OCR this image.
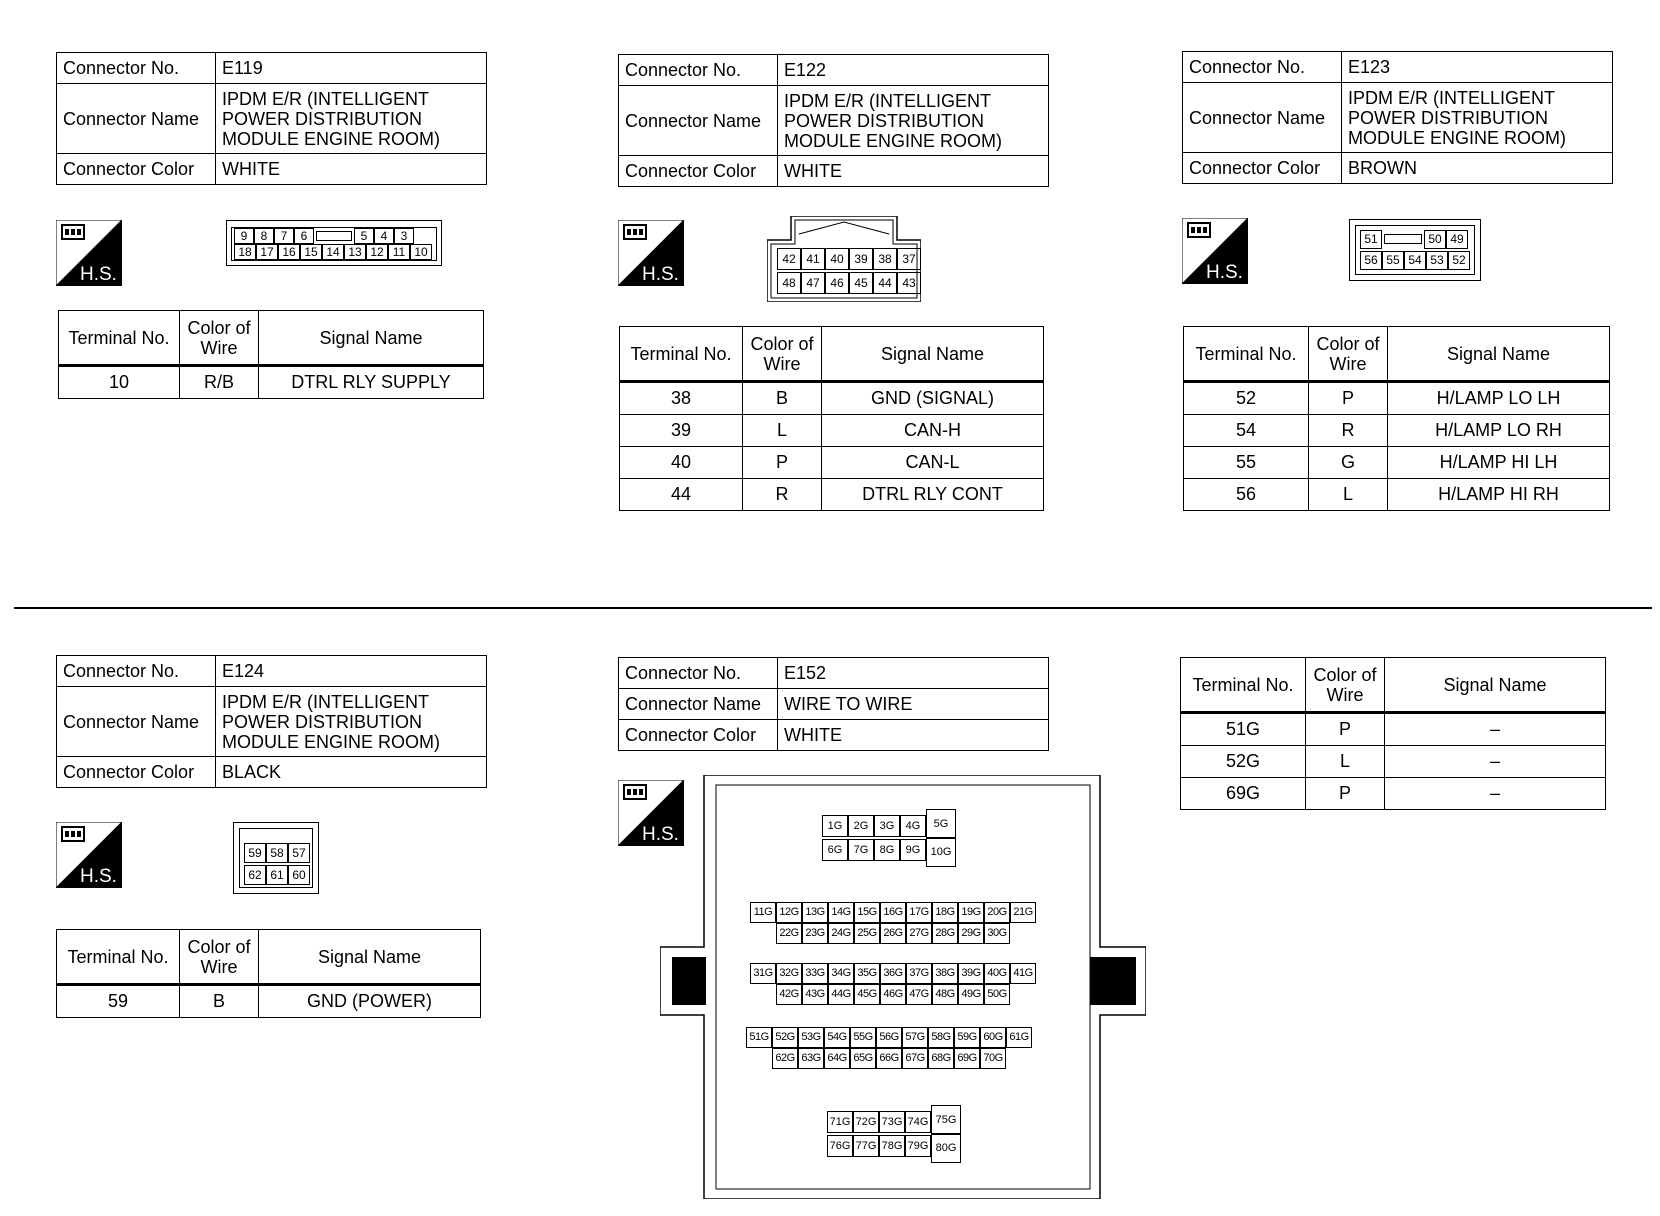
Connector No.	E119
Connector Name	IPDM E/R (INTELLIGENT POWER DISTRIBUTION MODULE ENGINE ROOM)
Connector Color	WHITE
H.S.
9	8	7	6	5	4	3
18 17 16 15 14 13 12 11 10
Terminal No.	Color of Wire	Signal Name
10	R/B	DTRL RLY SUPPLY
Connector No.	E122
Connector Name	IPDM E/R (INTELLIGENT POWER DISTRIBUTION MODULE ENGINE ROOM)
Connector Color	WHITE
H.S.
42 41 40 39 38 37
48 47 46 45 44 43
Terminal No.	Color of Wire	Signal Name
38	B	GND (SIGNAL)
39	L	CAN-H
40	P	CAN-L
44	R	DTRL RLY CONT
Connector No.	E123
Connector Name	IPDM E/R (INTELLIGENT POWER DISTRIBUTION MODULE ENGINE ROOM)
Connector Color	BROWN
H.S.
51	50 49
56 55 54 53 52
Terminal No.	Color of Wire	Signal Name
52	P	H/LAMP LO LH
54	R	H/LAMP LO RH
55	G	H/LAMP HI LH
56	L	H/LAMP HI RH
Connector No.	E124
Connector Name	IPDM E/R (INTELLIGENT POWER DISTRIBUTION MODULE ENGINE ROOM)
Connector Color	BLACK
H.S.
59 58 57
62 61 60
Terminal No.	Color of Wire	Signal Name
59	B	GND (POWER)
Connector No.	E152
Connector Name	WIRE TO WIRE
Connector Color	WHITE
H.S.	1G	2G	3G	4G	5G
6G	7G	8G	9G 10G
11G 12G 13G 14G 15G 16G 17G 18G 19G 20G 21G
22G 23G 24G 25G 26G 27G 28G 29G 30G
31G 32G 33G 34G 35G 36G 37G 38G 39G 40G 41G
42G 43G 44G 45G 46G 47G 48G 49G 50G
51G 52G 53G 54G 55G 56G 57G 58G 59G 60G 61G
62G 63G 64G 65G 66G 67G 68G 69G 70G
71G 72G 73G 74G 75G
76G 77G 78G 79G 80G
Terminal No.	Color of Wire	Signal Name
51G	P	–
52G	L	–
69G	P	–
